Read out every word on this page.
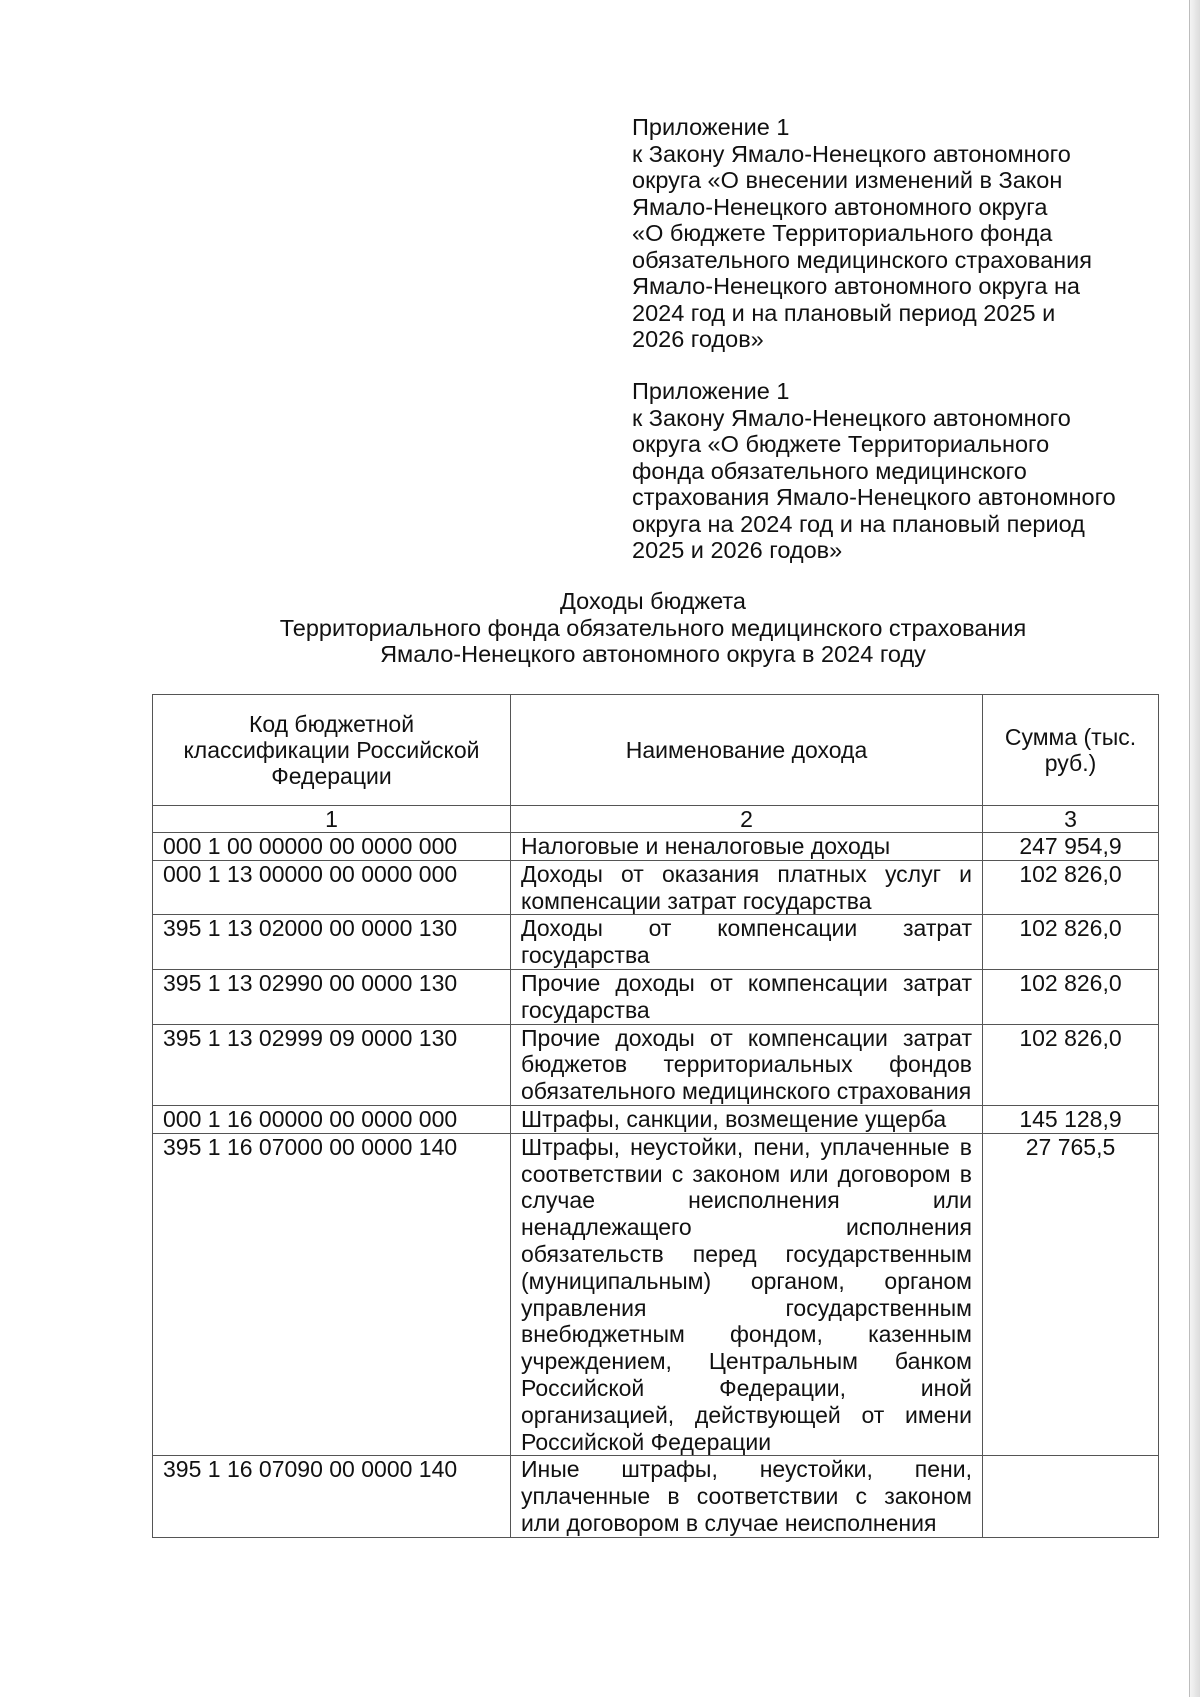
Приложение 1
к Закону Ямало-Ненецкого автономного
округа «О внесении изменений в Закон
Ямало-Ненецкого автономного округа
«О бюджете Территориального фонда
обязательного медицинского страхования
Ямало-Ненецкого автономного округа на
2024 год и на плановый период 2025 и
2026 годов»
Приложение 1
к Закону Ямало-Ненецкого автономного
округа «О бюджете Территориального
фонда обязательного медицинского
страхования Ямало-Ненецкого автономного
округа на 2024 год и на плановый период
2025 и 2026 годов»
Доходы бюджета
Территориального фонда обязательного медицинского страхования
Ямало-Ненецкого автономного округа в 2024 году
Код бюджетной классификации Российской Федерации	Наименование дохода	Сумма (тыс. руб.)
1	2	3
000 1 00 00000 00 0000 000	Налоговые и неналоговые доходы	247 954,9
000 1 13 00000 00 0000 000	Доходы от оказания платных услуг и компенсации затрат государства	102 826,0
395 1 13 02000 00 0000 130	Доходы от компенсации затрат государства	102 826,0
395 1 13 02990 00 0000 130	Прочие доходы от компенсации затрат государства	102 826,0
395 1 13 02999 09 0000 130	Прочие доходы от компенсации затрат бюджетов территориальных фондов обязательного медицинского страхования	102 826,0
000 1 16 00000 00 0000 000	Штрафы, санкции, возмещение ущерба	145 128,9
395 1 16 07000 00 0000 140	Штрафы, неустойки, пени, уплаченные в соответствии с законом или договором в случае неисполнения или ненадлежащего исполнения обязательств перед государственным (муниципальным) органом, органом управления государственным внебюджетным фондом, казенным учреждением, Центральным банком Российской Федерации, иной организацией, действующей от имени Российской Федерации	27 765,5
395 1 16 07090 00 0000 140	Иные штрафы, неустойки, пени, уплаченные в соответствии с законом или договором в случае неисполнения	
